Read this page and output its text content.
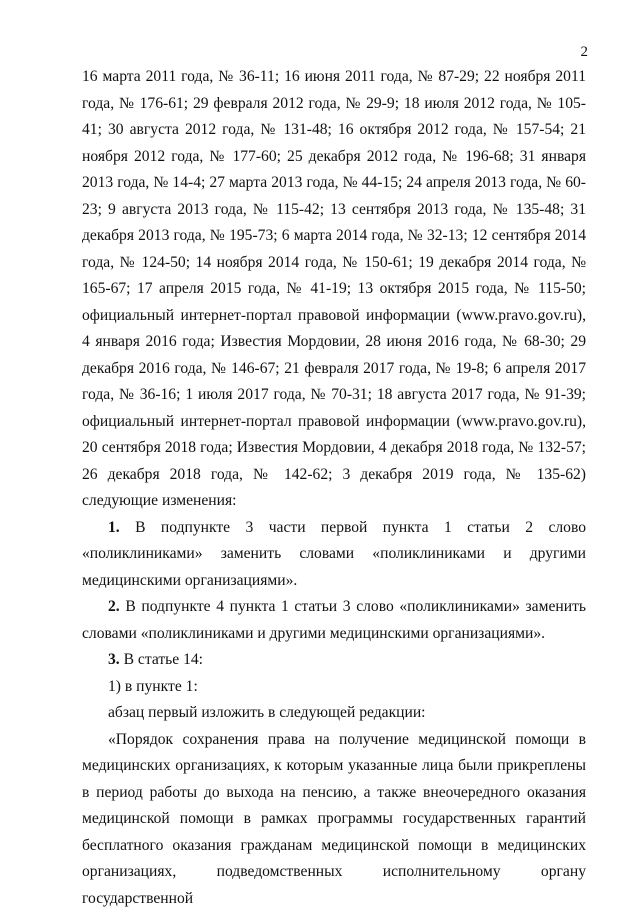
2

16 марта 2011 года, № 36-11; 16 июня 2011 года, № 87-29; 22 ноября 2011 года, № 176-61; 29 февраля 2012 года, № 29-9; 18 июля 2012 года, № 105-41; 30 августа 2012 года, № 131-48; 16 октября 2012 года, № 157-54; 21 ноября 2012 года, № 177-60; 25 декабря 2012 года, № 196-68; 31 января 2013 года, № 14-4; 27 марта 2013 года, № 44-15; 24 апреля 2013 года, № 60-23; 9 августа 2013 года, № 115-42; 13 сентября 2013 года, № 135-48; 31 декабря 2013 года, № 195-73; 6 марта 2014 года, № 32-13; 12 сентября 2014 года, № 124-50; 14 ноября 2014 года, № 150-61; 19 декабря 2014 года, № 165-67; 17 апреля 2015 года, № 41-19; 13 октября 2015 года, № 115-50; официальный интернет-портал правовой информации (www.pravo.gov.ru), 4 января 2016 года; Известия Мордовии, 28 июня 2016 года, № 68-30; 29 декабря 2016 года, № 146-67; 21 февраля 2017 года, № 19-8; 6 апреля 2017 года, № 36-16; 1 июля 2017 года, № 70-31; 18 августа 2017 года, № 91-39; официальный интернет-портал правовой информации (www.pravo.gov.ru), 20 сентября 2018 года; Известия Мордовии, 4 декабря 2018 года, № 132-57; 26 декабря 2018 года, № 142-62; 3 декабря 2019 года, № 135-62) следующие изменения:

1. В подпункте 3 части первой пункта 1 статьи 2 слово «поликлиниками» заменить словами «поликлиниками и другими медицинскими организациями».

2. В подпункте 4 пункта 1 статьи 3 слово «поликлиниками» заменить словами «поликлиниками и другими медицинскими организациями».

3. В статье 14:

1) в пункте 1:

абзац первый изложить в следующей редакции:

«Порядок сохранения права на получение медицинской помощи в медицинских организациях, к которым указанные лица были прикреплены в период работы до выхода на пенсию, а также внеочередного оказания медицинской помощи в рамках программы государственных гарантий бесплатного оказания гражданам медицинской помощи в медицинских организациях, подведомственных исполнительному органу государственной
